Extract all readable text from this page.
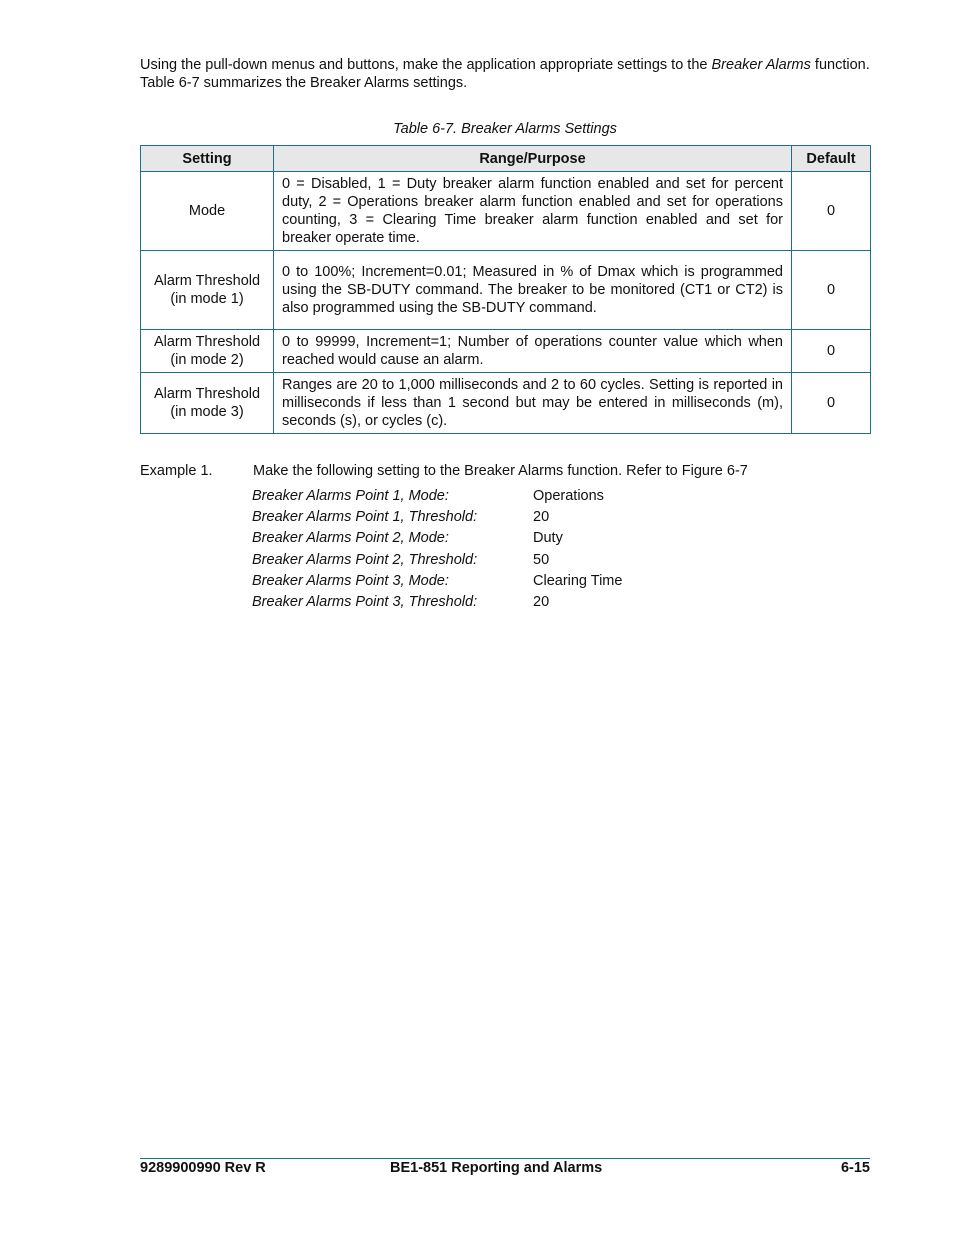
Using the pull-down menus and buttons, make the application appropriate settings to the Breaker Alarms function. Table 6-7 summarizes the Breaker Alarms settings.

Table 6-7. Breaker Alarms Settings
Setting	Range/Purpose	Default
Mode	0 = Disabled, 1 = Duty breaker alarm function enabled and set for percent duty, 2 = Operations breaker alarm function enabled and set for operations counting, 3 = Clearing Time breaker alarm function enabled and set for breaker operate time.	0
Alarm Threshold (in mode 1)	0 to 100%; Increment=0.01; Measured in % of Dmax which is programmed using the SB-DUTY command. The breaker to be monitored (CT1 or CT2) is also programmed using the SB-DUTY command.	0
Alarm Threshold (in mode 2)	0 to 99999, Increment=1; Number of operations counter value which when reached would cause an alarm.	0
Alarm Threshold (in mode 3)	Ranges are 20 to 1,000 milliseconds and 2 to 60 cycles. Setting is reported in milliseconds if less than 1 second but may be entered in milliseconds (m), seconds (s), or cycles (c).	0
Example 1.	Make the following setting to the Breaker Alarms function. Refer to Figure 6-7
Breaker Alarms Point 1, Mode:	Operations
Breaker Alarms Point 1, Threshold:	20
Breaker Alarms Point 2, Mode:	Duty
Breaker Alarms Point 2, Threshold:	50
Breaker Alarms Point 3, Mode:	Clearing Time
Breaker Alarms Point 3, Threshold:	20
9289900990 Rev R	BE1-851 Reporting and Alarms	6-15
